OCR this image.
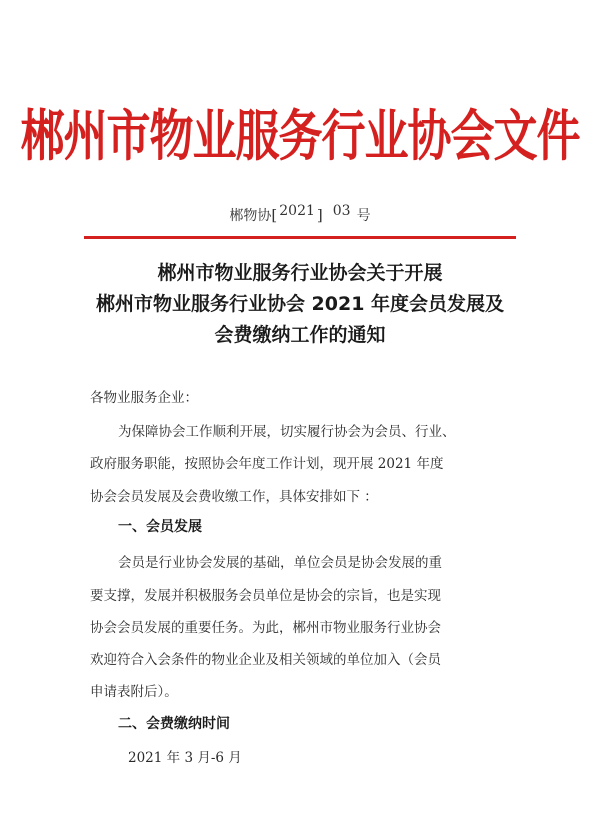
郴州市物业服务行业协会文件
郴物协[ 2021 ] 03 号
郴州市物业服务行业协会关于开展
郴州市物业服务行业协会 2021 年度会员发展及
会费缴纳工作的通知
各物业服务企业：
为保障协会工作顺利开展，切实履行协会为会员、行业、
政府服务职能，按照协会年度工作计划，现开展 2021 年度
协会会员发展及会费收缴工作，具体安排如下 ：
一、会员发展
会员是行业协会发展的基础，单位会员是协会发展的重
要支撑，发展并积极服务会员单位是协会的宗旨，也是实现
协会会员发展的重要任务。为此，郴州市物业服务行业协会
欢迎符合入会条件的物业企业及相关领域的单位加入（会员
申请表附后）。
二、会费缴纳时间
2021 年 3 月-6 月
